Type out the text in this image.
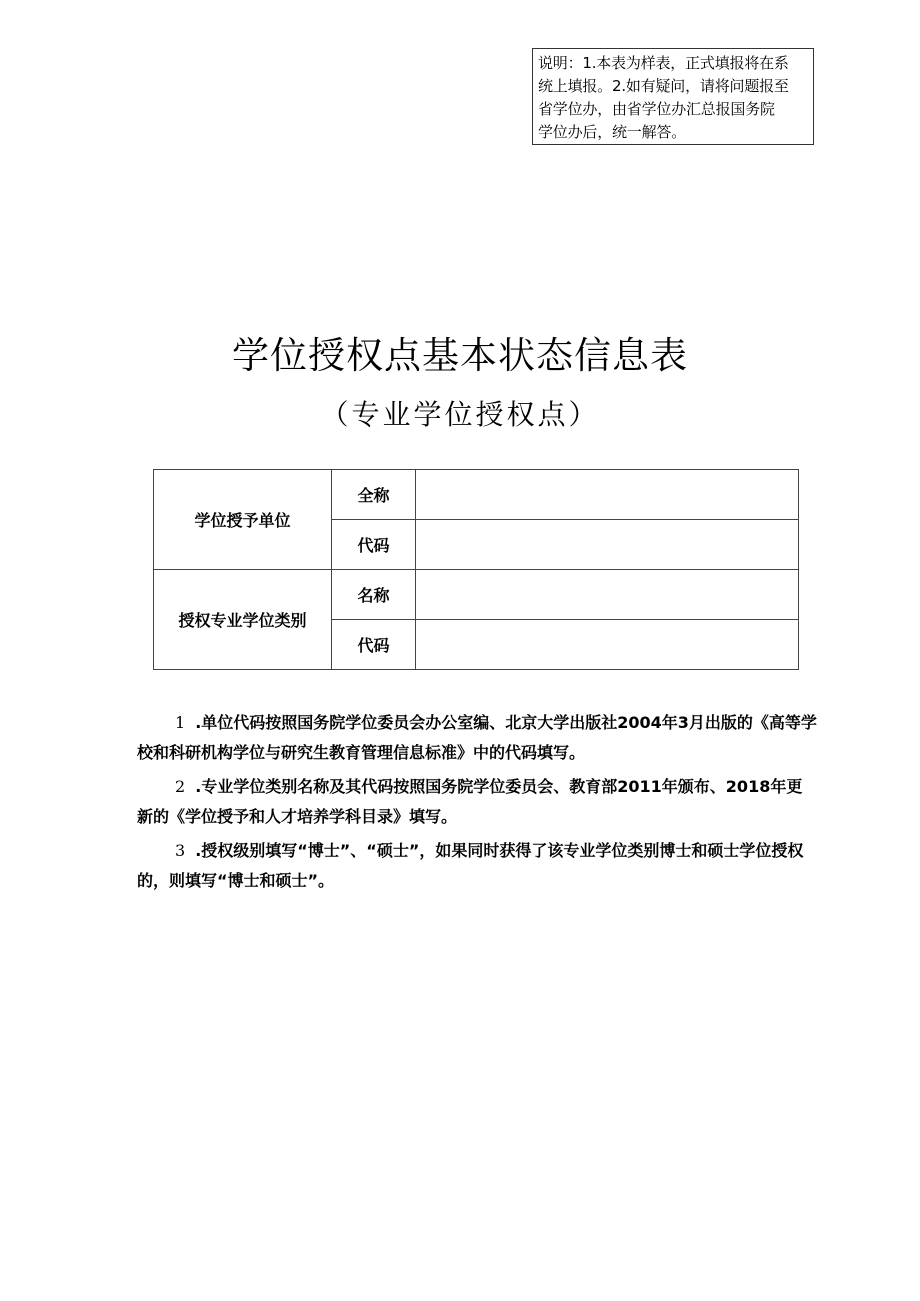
说明：1.本表为样表，正式填报将在系
统上填报。2.如有疑问，请将问题报至
省学位办，由省学位办汇总报国务院
学位办后，统一解答。
学位授权点基本状态信息表
（专业学位授权点）
学位授予单位	全称	
	代码	
授权专业学位类别	名称	
	代码	

1 .单位代码按照国务院学位委员会办公室编、北京大学出版社2004年3月出版的《高等学校和科研机构学位与研究生教育管理信息标准》中的代码填写。

2 .专业学位类别名称及其代码按照国务院学位委员会、教育部2011年颁布、2018年更新的《学位授予和人才培养学科目录》填写。

3 .授权级别填写“博士”、“硕士”，如果同时获得了该专业学位类别博士和硕士学位授权的，则填写“博士和硕士”。
